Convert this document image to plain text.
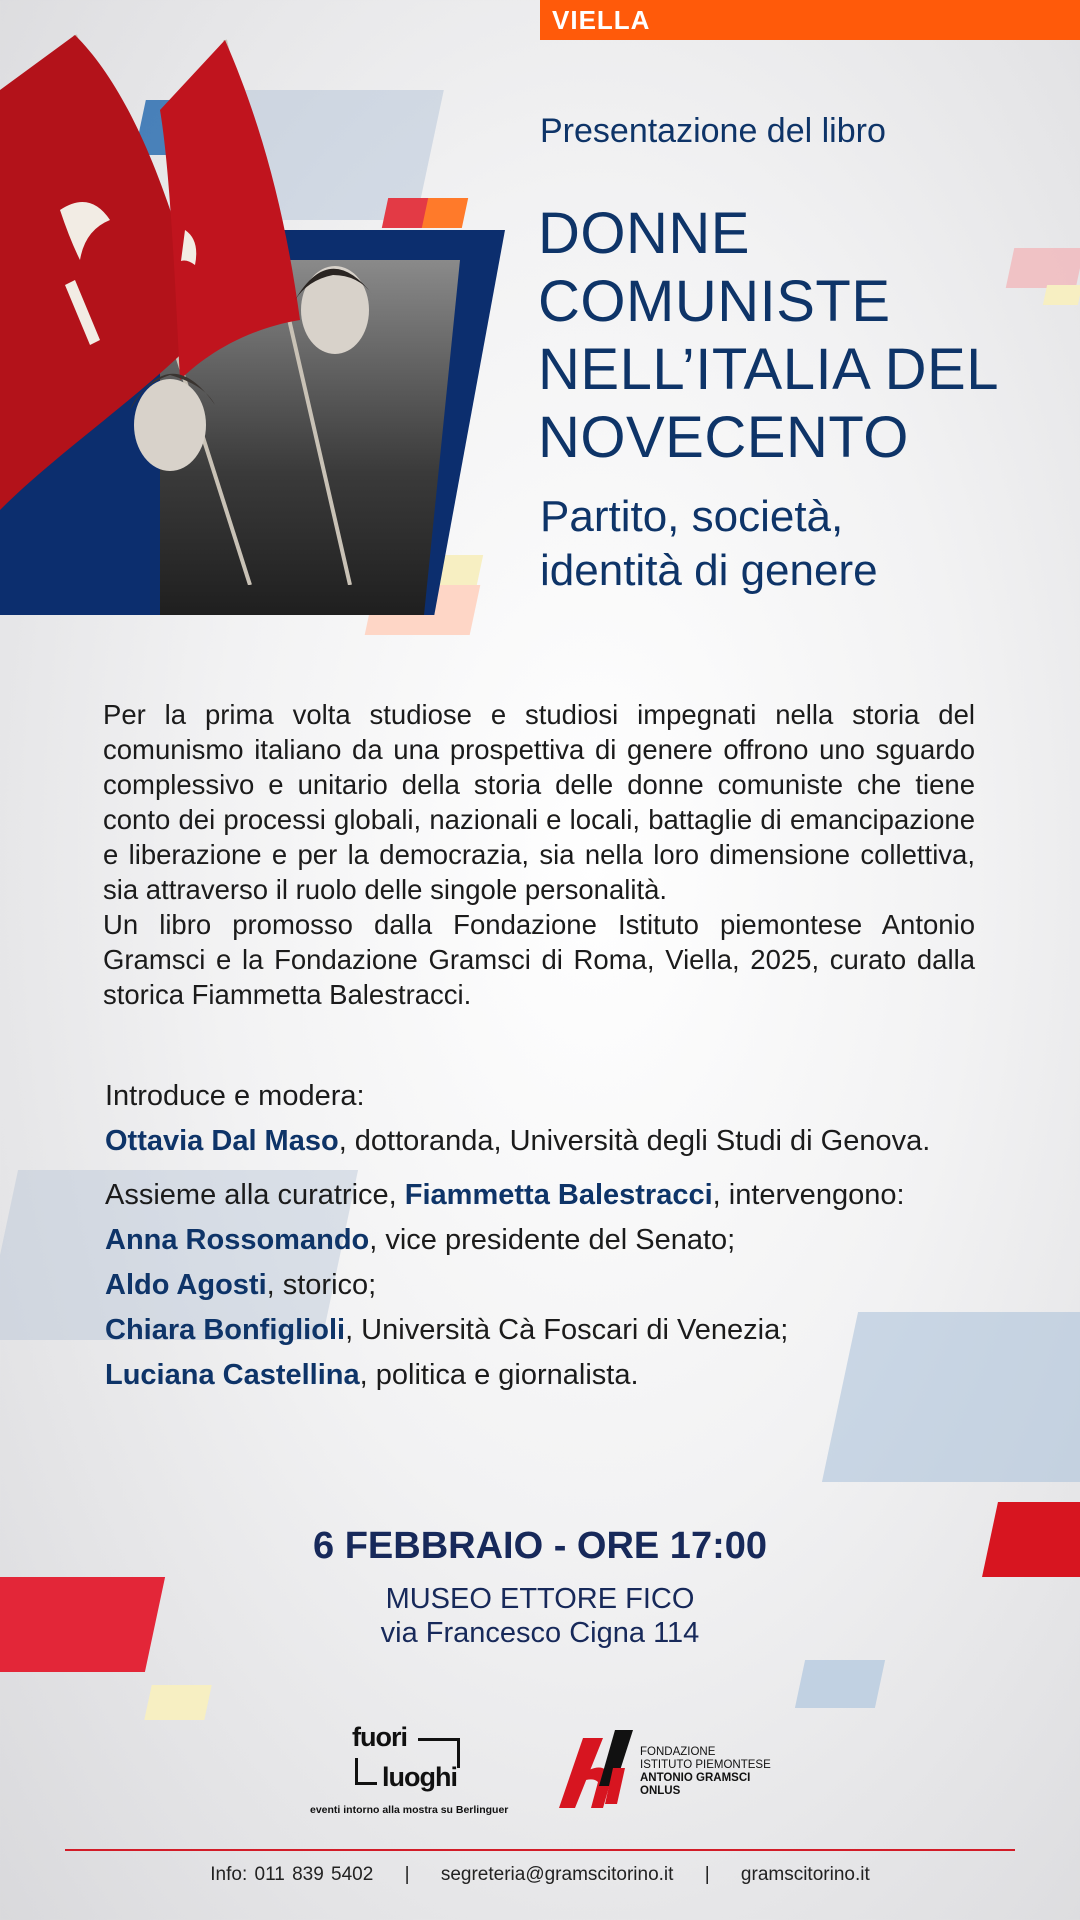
VIELLA
Presentazione del libro
DONNE
COMUNISTE
NELL’ITALIA DEL
NOVECENTO
Partito, società,
identità di genere
Per la prima volta studiose e studiosi impegnati nella storia del comunismo italiano da una prospettiva di genere offrono uno sguardo complessivo e unitario della storia delle donne comuniste che tiene conto dei processi globali, nazionali e locali, battaglie di emancipazione e liberazione e per la democrazia, sia nella loro dimensione collettiva, sia attraverso il ruolo delle singole personalità.
Un libro promosso dalla Fondazione Istituto piemontese Antonio Gramsci e la Fondazione Gramsci di Roma, Viella, 2025, curato dalla storica Fiammetta Balestracci.

Introduce e modera:

Ottavia Dal Maso, dottoranda, Università degli Studi di Genova.

Assieme alla curatrice, Fiammetta Balestracci, intervengono:

Anna Rossomando, vice presidente del Senato;

Aldo Agosti, storico;

Chiara Bonfiglioli, Università Cà Foscari di Venezia;

Luciana Castellina, politica e giornalista.

6 FEBBRAIO - ORE 17:00
MUSEO ETTORE FICO
via Francesco Cigna 114
fuori
luoghi
eventi intorno alla mostra su Berlinguer
FONDAZIONE
ISTITUTO PIEMONTESE
ANTONIO GRAMSCI
ONLUS
Info: 011 839 5402 | segreteria@gramscitorino.it | gramscitorino.it
